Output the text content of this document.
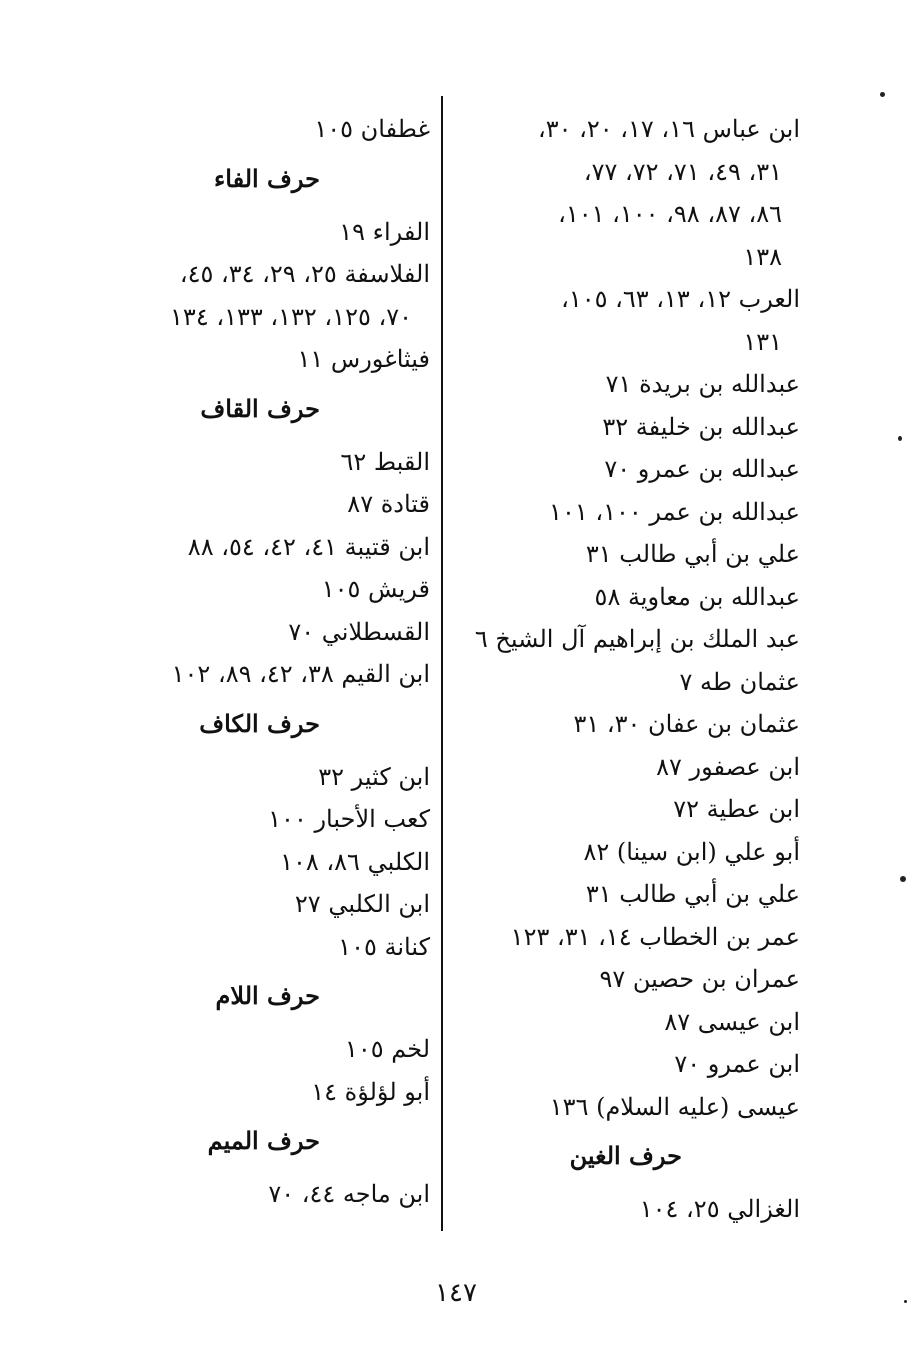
ابن عباس ١٦، ١٧، ٢٠، ٣٠،
٣١، ٤٩، ٧١، ٧٢، ٧٧،
٨٦، ٨٧، ٩٨، ١٠٠، ١٠١،
١٣٨
العرب ١٢، ١٣، ٦٣، ١٠٥،
١٣١
عبدالله بن بريدة ٧١
عبدالله بن خليفة ٣٢
عبدالله بن عمرو ٧٠
عبدالله بن عمر ١٠٠، ١٠١
علي بن أبي طالب ٣١
عبدالله بن معاوية ٥٨
عبد الملك بن إبراهيم آل الشيخ ٦
عثمان طه ٧
عثمان بن عفان ٣٠، ٣١
ابن عصفور ٨٧
ابن عطية ٧٢
أبو علي (ابن سينا) ٨٢
علي بن أبي طالب ٣١
عمر بن الخطاب ١٤، ٣١، ١٢٣
عمران بن حصين ٩٧
ابن عيسى ٨٧
ابن عمرو ٧٠
عيسى (عليه السلام) ١٣٦
حرف الغين
الغزالي ٢٥، ١٠٤
غطفان ١٠٥
حرف الفاء
الفراء ١٩
الفلاسفة ٢٥، ٢٩، ٣٤، ٤٥،
٧٠، ١٢٥، ١٣٢، ١٣٣، ١٣٤
فيثاغورس ١١
حرف القاف
القبط ٦٢
قتادة ٨٧
ابن قتيبة ٤١، ٤٢، ٥٤، ٨٨
قريش ١٠٥
القسطلاني ٧٠
ابن القيم ٣٨، ٤٢، ٨٩، ١٠٢
حرف الكاف
ابن كثير ٣٢
كعب الأحبار ١٠٠
الكلبي ٨٦، ١٠٨
ابن الكلبي ٢٧
كنانة ١٠٥
حرف اللام
لخم ١٠٥
أبو لؤلؤة ١٤
حرف الميم
ابن ماجه ٤٤، ٧٠
١٤٧
